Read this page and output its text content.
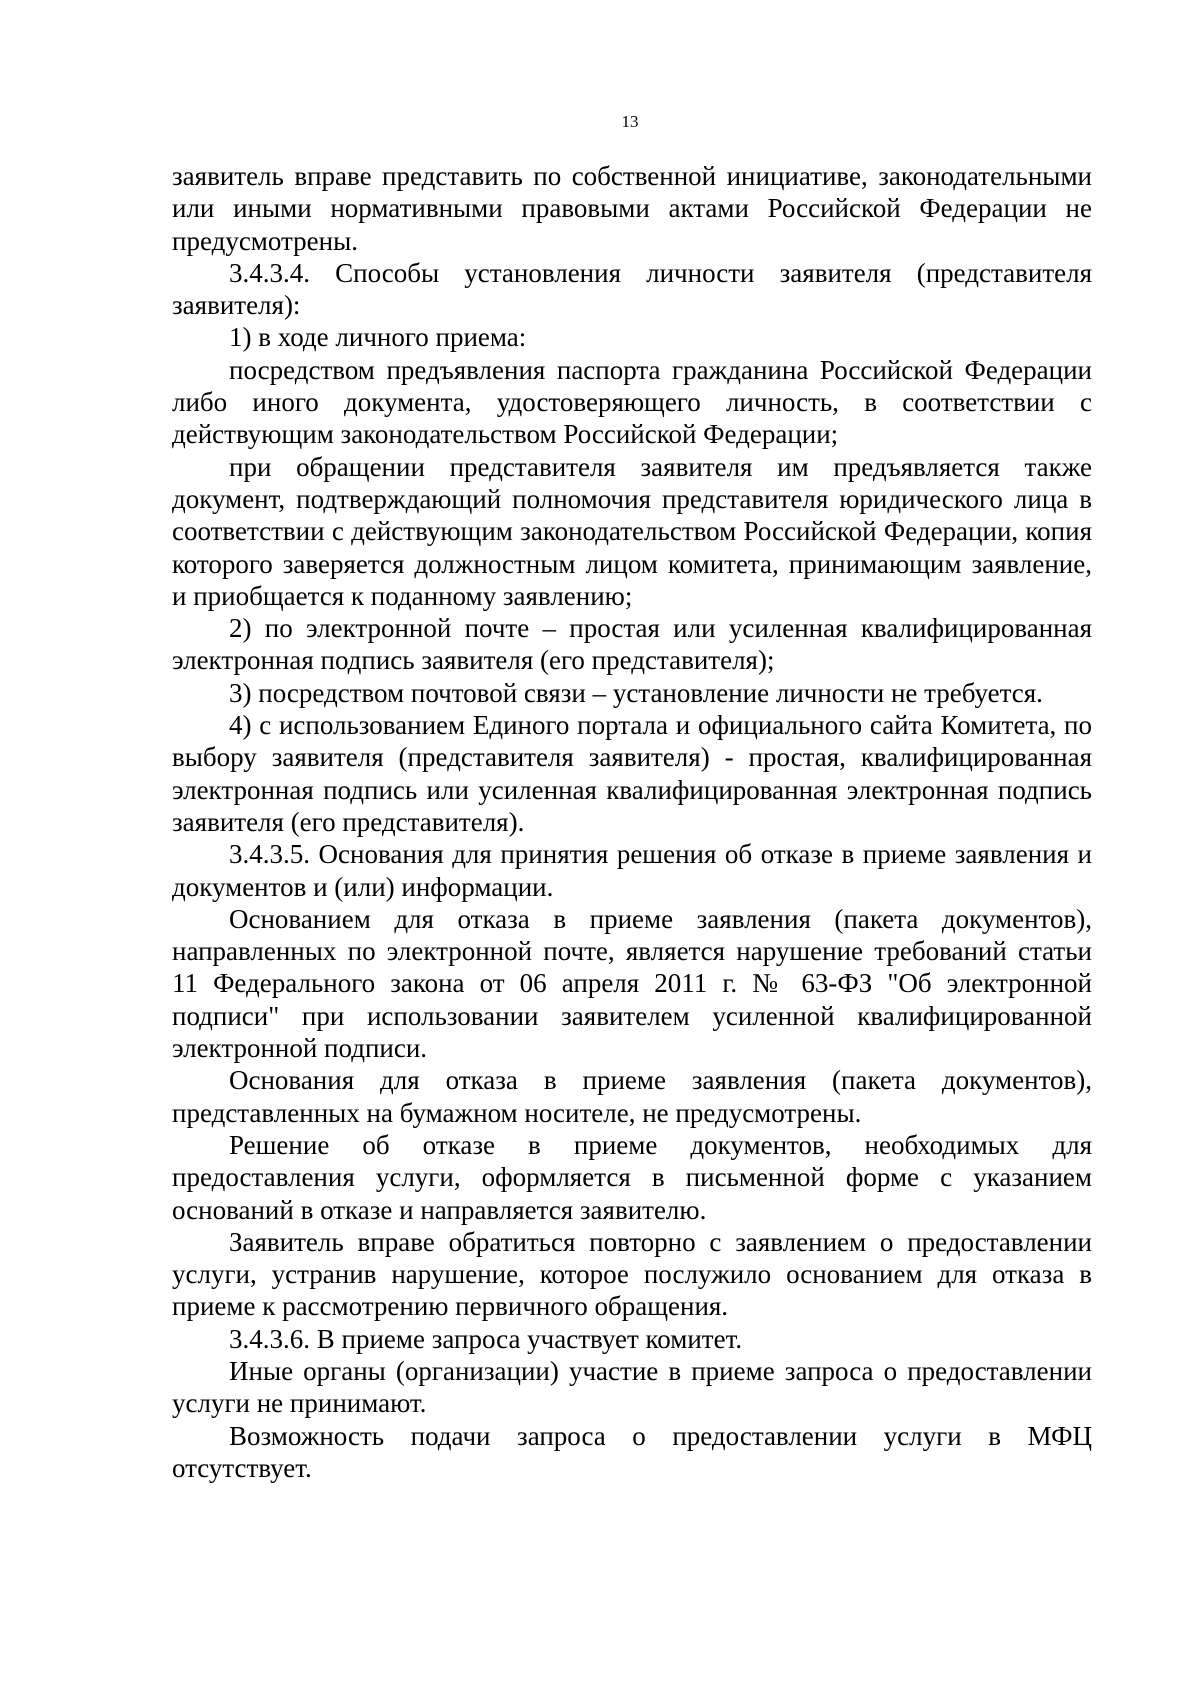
13

заявитель вправе представить по собственной инициативе, законодательными или иными нормативными правовыми актами Российской Федерации не предусмотрены.

3.4.3.4. Способы установления личности заявителя (представителя заявителя):

1) в ходе личного приема:

посредством предъявления паспорта гражданина Российской Федерации либо иного документа, удостоверяющего личность, в соответствии с действующим законодательством Российской Федерации;

при обращении представителя заявителя им предъявляется также документ, подтверждающий полномочия представителя юридического лица в соответствии с действующим законодательством Российской Федерации, копия которого заверяется должностным лицом комитета, принимающим заявление, и приобщается к поданному заявлению;

2) по электронной почте – простая или усиленная квалифицированная электронная подпись заявителя (его представителя);

3) посредством почтовой связи – установление личности не требуется.

4) с использованием Единого портала и официального сайта Комитета, по выбору заявителя (представителя заявителя) - простая, квалифицированная электронная подпись или усиленная квалифицированная электронная подпись заявителя (его представителя).

3.4.3.5. Основания для принятия решения об отказе в приеме заявления и документов и (или) информации.

Основанием для отказа в приеме заявления (пакета документов), направленных по электронной почте, является нарушение требований статьи 11 Федерального закона от 06 апреля 2011 г. № 63-ФЗ "Об электронной подписи" при использовании заявителем усиленной квалифицированной электронной подписи.

Основания для отказа в приеме заявления (пакета документов), представленных на бумажном носителе, не предусмотрены.

Решение об отказе в приеме документов, необходимых для предоставления услуги, оформляется в письменной форме с указанием оснований в отказе и направляется заявителю.

Заявитель вправе обратиться повторно с заявлением о предоставлении услуги, устранив нарушение, которое послужило основанием для отказа в приеме к рассмотрению первичного обращения.

3.4.3.6. В приеме запроса участвует комитет.

Иные органы (организации) участие в приеме запроса о предоставлении услуги не принимают.

Возможность подачи запроса о предоставлении услуги в МФЦ отсутствует.
